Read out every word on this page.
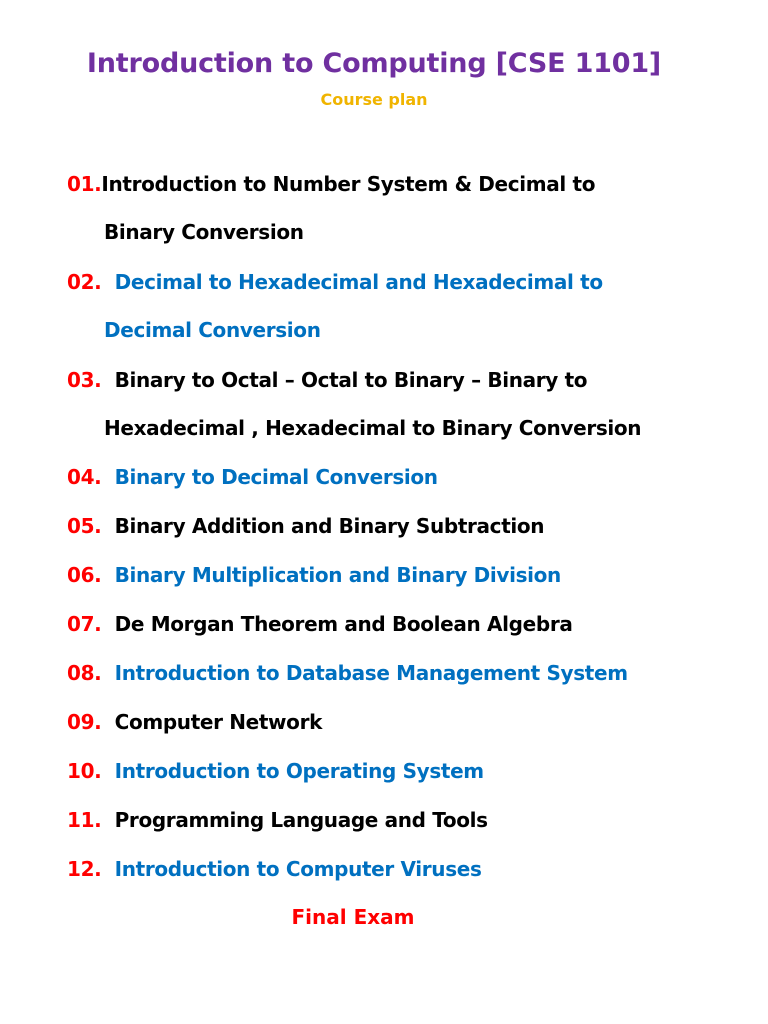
Introduction to Computing [CSE 1101]
Course plan
01.Introduction to Number System & Decimal to
Binary Conversion
02. Decimal to Hexadecimal and Hexadecimal to
Decimal Conversion
03. Binary to Octal – Octal to Binary – Binary to
Hexadecimal , Hexadecimal to Binary Conversion
04. Binary to Decimal Conversion
05. Binary Addition and Binary Subtraction
06. Binary Multiplication and Binary Division
07. De Morgan Theorem and Boolean Algebra
08. Introduction to Database Management System
09. Computer Network
10. Introduction to Operating System
11. Programming Language and Tools
12. Introduction to Computer Viruses
Final Exam
